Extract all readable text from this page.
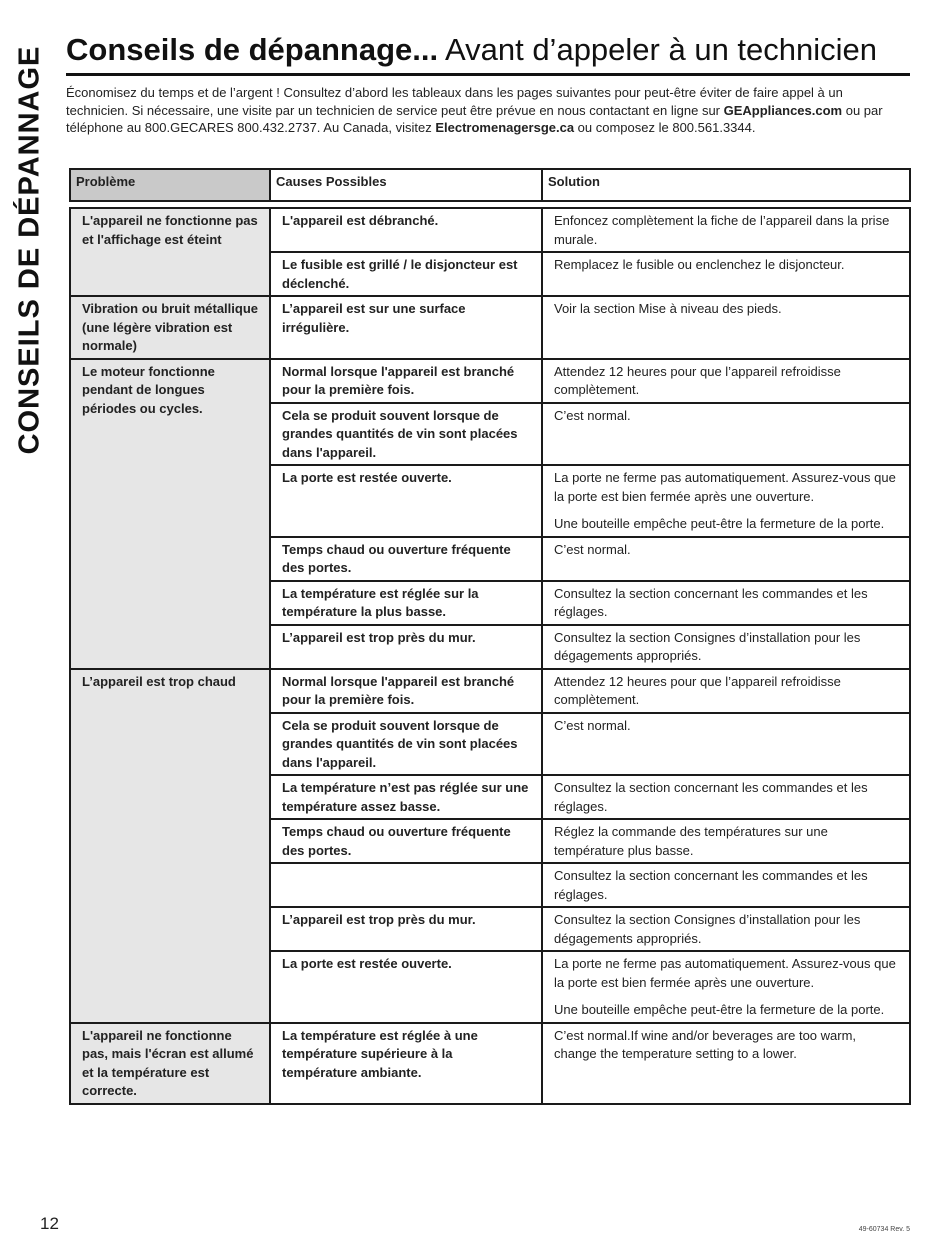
CONSEILS DE DÉPANNAGE Conseils de dépannage... Avant d’appeler à un technicien

Économisez du temps et de l’argent ! Consultez d’abord les tableaux dans les pages suivantes pour peut-être éviter de faire appel à un technicien. Si nécessaire, une visite par un technicien de service peut être prévue en nous contactant en ligne sur GEAppliances.com ou par téléphone au 800.GECARES 800.432.2737. Au Canada, visitez Electromenagersge.ca ou composez le 800.561.3344.

Problème	Causes Possibles	Solution

L'appareil ne fonctionne pas et l'affichage est éteint	L'appareil est débranché.	Enfoncez complètement la fiche de l’appareil dans la prise murale.

	Le fusible est grillé / le disjoncteur est déclenché.	Remplacez le fusible ou enclenchez le disjoncteur.

Vibration ou bruit métallique (une légère vibration est normale)	L’appareil est sur une surface irrégulière.	Voir la section Mise à niveau des pieds.

Le moteur fonctionne pendant de longues périodes ou cycles.	Normal lorsque l'appareil est branché pour la première fois.	Attendez 12 heures pour que l’appareil refroidisse complètement.

	Cela se produit souvent lorsque de grandes quantités de vin sont placées dans l'appareil.	C’est normal.

	La porte est restée ouverte.	La porte ne ferme pas automatiquement. Assurez-vous que la porte est bien fermée après une ouverture.

Une bouteille empêche peut-être la fermeture de la porte.

	Temps chaud ou ouverture fréquente des portes.	C’est normal.

	La température est réglée sur la température la plus basse.	Consultez la section concernant les commandes et les réglages.

	L’appareil est trop près du mur.	Consultez la section Consignes d’installation pour les dégagements appropriés.

L’appareil est trop chaud	Normal lorsque l'appareil est branché pour la première fois.	Attendez 12 heures pour que l’appareil refroidisse complètement.

	Cela se produit souvent lorsque de grandes quantités de vin sont placées dans l'appareil.	C’est normal.

	La température n’est pas réglée sur une température assez basse.	Consultez la section concernant les commandes et les réglages.

	Temps chaud ou ouverture fréquente des portes.	Réglez la commande des températures sur une température plus basse.

		Consultez la section concernant les commandes et les réglages.

	L’appareil est trop près du mur.	Consultez la section Consignes d’installation pour les dégagements appropriés.

	La porte est restée ouverte.	La porte ne ferme pas automatiquement. Assurez-vous que la porte est bien fermée après une ouverture.

Une bouteille empêche peut-être la fermeture de la porte.

L'appareil ne fonctionne pas, mais l'écran est allumé et la température est correcte.	La température est réglée à une température supérieure à la température ambiante.	C’est normal.If wine and/or beverages are too warm, change the temperature setting to a lower.

12	49-60734 Rev. 5
